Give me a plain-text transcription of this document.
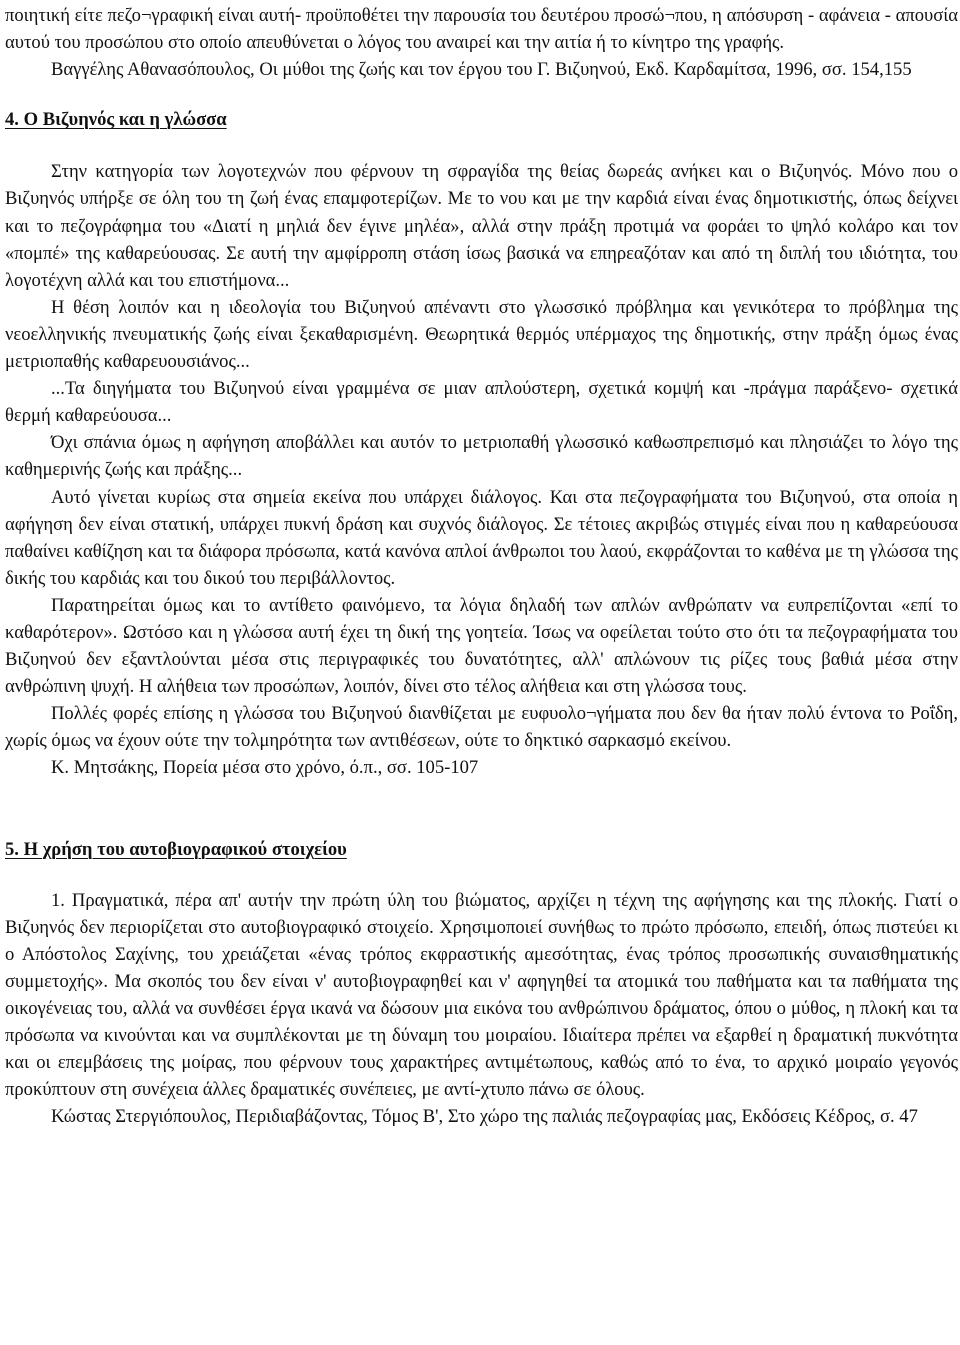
ποιητική είτε πεζο¬γραφική είναι αυτή- προϋποθέτει την παρουσία του δευτέρου προσώ¬που, η απόσυρση - αφάνεια - απουσία αυτού του προσώπου στο οποίο απευθύνεται ο λόγος του αναιρεί και την αιτία ή το κίνητρο της γραφής.

Βαγγέλης Αθανασόπουλος, Οι μύθοι της ζωής και τον έργου του Γ. Βιζυηνού, Εκδ. Καρδαμίτσα, 1996, σσ. 154,155

4. Ο Βιζυηνός και η γλώσσα

Στην κατηγορία των λογοτεχνών που φέρνουν τη σφραγίδα της θείας δωρεάς ανήκει και ο Βιζυηνός. Μόνο που ο Βιζυηνός υπήρξε σε όλη του τη ζωή ένας επαμφοτερίζων. Με το νου και με την καρδιά είναι ένας δημοτικιστής, όπως δείχνει και το πεζογράφημα του «Διατί η μηλιά δεν έγινε μηλέα», αλλά στην πράξη προτιμά να φοράει το ψηλό κολάρο και τον «πομπέ» της καθαρεύουσας. Σε αυτή την αμφίρροπη στάση ίσως βασικά να επηρεαζόταν και από τη διπλή του ιδιότητα, του λογοτέχνη αλλά και του επιστήμονα...

Η θέση λοιπόν και η ιδεολογία του Βιζυηνού απέναντι στο γλωσσικό πρόβλημα και γενικότερα το πρόβλημα της νεοελληνικής πνευματικής ζωής είναι ξεκαθαρισμένη. Θεωρητικά θερμός υπέρμαχος της δημοτικής, στην πράξη όμως ένας μετριοπαθής καθαρευουσιάνος...

...Τα διηγήματα του Βιζυηνού είναι γραμμένα σε μιαν απλούστερη, σχετικά κομψή και -πράγμα παράξενο- σχετικά θερμή καθαρεύουσα...

Όχι σπάνια όμως η αφήγηση αποβάλλει και αυτόν το μετριοπαθή γλωσσικό καθωσπρεπισμό και πλησιάζει το λόγο της καθημερινής ζωής και πράξης...

Αυτό γίνεται κυρίως στα σημεία εκείνα που υπάρχει διάλογος. Και στα πεζογραφήματα του Βιζυηνού, στα οποία η αφήγηση δεν είναι στατική, υπάρχει πυκνή δράση και συχνός διάλογος. Σε τέτοιες ακριβώς στιγμές είναι που η καθαρεύουσα παθαίνει καθίζηση και τα διάφορα πρόσωπα, κατά κανόνα απλοί άνθρωποι του λαού, εκφράζονται το καθένα με τη γλώσσα της δικής του καρδιάς και του δικού του περιβάλλοντος.

Παρατηρείται όμως και το αντίθετο φαινόμενο, τα λόγια δηλαδή των απλών ανθρώπατν να ευπρεπίζονται «επί το καθαρότερον». Ωστόσο και η γλώσσα αυτή έχει τη δική της γοητεία. Ίσως να οφείλεται τούτο στο ότι τα πεζογραφήματα του Βιζυηνού δεν εξαντλούνται μέσα στις περιγραφικές του δυνατότητες, αλλ' απλώνουν τις ρίζες τους βαθιά μέσα στην ανθρώπινη ψυχή. Η αλήθεια των προσώπων, λοιπόν, δίνει στο τέλος αλήθεια και στη γλώσσα τους.

Πολλές φορές επίσης η γλώσσα του Βιζυηνού διανθίζεται με ευφυολο¬γήματα που δεν θα ήταν πολύ έντονα το Ροΐδη, χωρίς όμως να έχουν ούτε την τολμηρότητα των αντιθέσεων, ούτε το δηκτικό σαρκασμό εκείνου.

Κ. Μητσάκης, Πορεία μέσα στο χρόνο, ό.π., σσ. 105-107

5. Η χρήση του αυτοβιογραφικού στοιχείου

1. Πραγματικά, πέρα απ' αυτήν την πρώτη ύλη του βιώματος, αρχίζει η τέχνη της αφήγησης και της πλοκής. Γιατί ο Βιζυηνός δεν περιορίζεται στο αυτοβιογραφικό στοιχείο. Χρησιμοποιεί συνήθως το πρώτο πρόσωπο, επειδή, όπως πιστεύει κι ο Απόστολος Σαχίνης, του χρειάζεται «ένας τρόπος εκφραστικής αμεσότητας, ένας τρόπος προσωπικής συναισθηματικής συμμετοχής». Μα σκοπός του δεν είναι ν' αυτοβιογραφηθεί και ν' αφηγηθεί τα ατομικά του παθήματα και τα παθήματα της οικογένειας του, αλλά να συνθέσει έργα ικανά να δώσουν μια εικόνα του ανθρώπινου δράματος, όπου ο μύθος, η πλοκή και τα πρόσωπα να κινούνται και να συμπλέκονται με τη δύναμη του μοιραίου. Ιδιαίτερα πρέπει να εξαρθεί η δραματική πυκνότητα και οι επεμβάσεις της μοίρας, που φέρνουν τους χαρακτήρες αντιμέτωπους, καθώς από το ένα, το αρχικό μοιραίο γεγονός προκύπτουν στη συνέχεια άλλες δραματικές συνέπειες, με αντί-χτυπο πάνω σε όλους.

Κώστας Στεργιόπουλος, Περιδιαβάζοντας, Τόμος Β', Στο χώρο της παλιάς πεζογραφίας μας, Εκδόσεις Κέδρος, σ. 47
